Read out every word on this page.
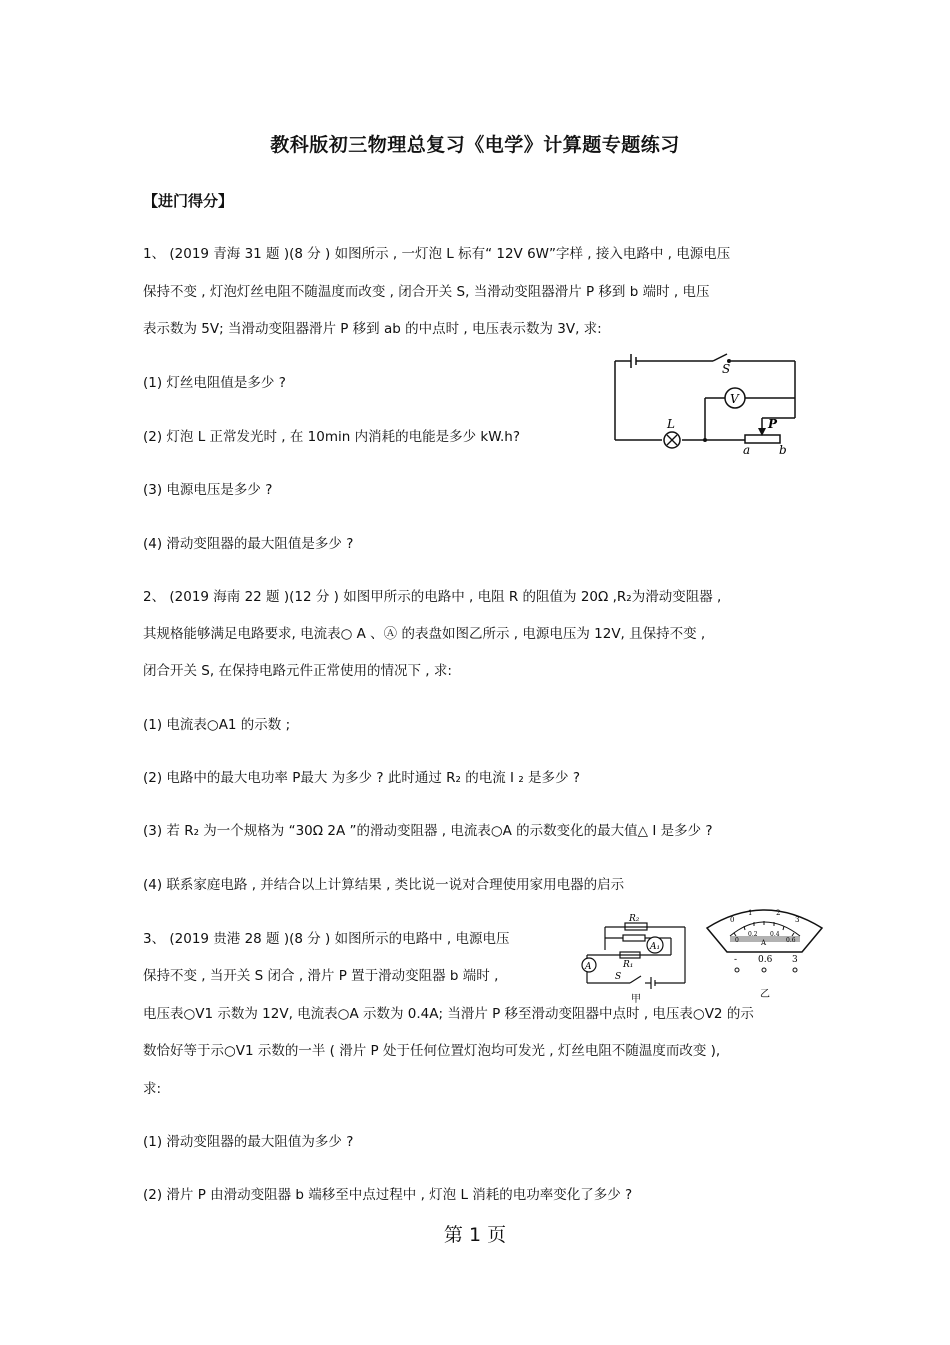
教科版初三物理总复习《电学》计算题专题练习
【进门得分】
1、 (2019 青海 31 题 )(8 分 ) 如图所示 , 一灯泡 L 标有“ 12V 6W”字样 , 接入电路中 , 电源电压
保持不变 , 灯泡灯丝电阻不随温度而改变 , 闭合开关 S, 当滑动变阻器滑片 P 移到 b 端时 , 电压
表示数为 5V; 当滑动变阻器滑片 P 移到 ab 的中点时 , 电压表示数为 3V, 求:
(1) 灯丝电阻值是多少 ?
(2) 灯泡 L 正常发光时 , 在 10min 内消耗的电能是多少 kW.h?
(3) 电源电压是多少 ?
(4) 滑动变阻器的最大阻值是多少 ?
V
S
L	P
a b
2、 (2019 海南 22 题 )(12 分 ) 如图甲所示的电路中 , 电阻 R 的阻值为 20Ω ,R₂为滑动变阻器 ,
其规格能够满足电路要求, 电流表○ A 、Ⓐ 的表盘如图乙所示 , 电源电压为 12V, 且保持不变 ,
闭合开关 S, 在保持电路元件正常使用的情况下 , 求:
(1) 电流表○A1 的示数 ;
(2) 电路中的最大电功率 P最大 为多少 ? 此时通过 R₂ 的电流 I ₂ 是多少 ?
(3) 若 R₂ 为一个规格为 “30Ω 2A ”的滑动变阻器 , 电流表○A 的示数变化的最大值△ I 是多少 ?
(4) 联系家庭电路 , 并结合以上计算结果 , 类比说一说对合理使用家用电器的启示
A₁
A
R₂
R₁
S
甲
0
1	2
3
0
0.2 0.4
0.6
A
- 0.6 3
乙
3、 (2019 贵港 28 题 )(8 分 ) 如图所示的电路中 , 电源电压
保持不变 , 当开关 S 闭合 , 滑片 P 置于滑动变阻器 b 端时 ,
电压表○V1 示数为 12V, 电流表○A 示数为 0.4A; 当滑片 P 移至滑动变阻器中点时 , 电压表○V2 的示
数恰好等于示○V1 示数的一半 ( 滑片 P 处于任何位置灯泡均可发光 , 灯丝电阻不随温度而改变 ),
求:
(1) 滑动变阻器的最大阻值为多少 ?
(2) 滑片 P 由滑动变阻器 b 端移至中点过程中 , 灯泡 L 消耗的电功率变化了多少 ?
第 1 页
